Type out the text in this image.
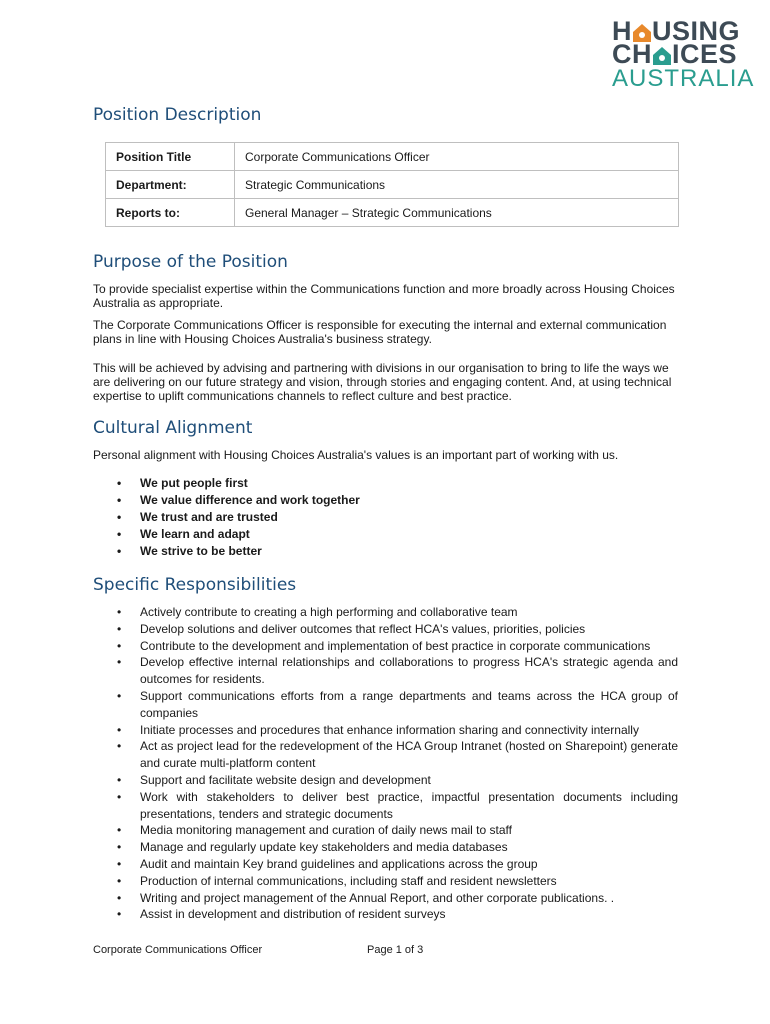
H USING
CH ICES
AUSTRALIA
Position Description
Position Title	Corporate Communications Officer
Department:	Strategic Communications
Reports to:	General Manager – Strategic Communications
Purpose of the Position

To provide specialist expertise within the Communications function and more broadly across Housing Choices Australia as appropriate.

The Corporate Communications Officer is responsible for executing the internal and external communication plans in line with Housing Choices Australia's business strategy.

This will be achieved by advising and partnering with divisions in our organisation to bring to life the ways we are delivering on our future strategy and vision, through stories and engaging content. And, at using technical expertise to uplift communications channels to reflect culture and best practice.

Cultural Alignment

Personal alignment with Housing Choices Australia's values is an important part of working with us.

• We put people first
• We value difference and work together
• We trust and are trusted
• We learn and adapt
• We strive to be better
Specific Responsibilities
• Actively contribute to creating a high performing and collaborative team
• Develop solutions and deliver outcomes that reflect HCA's values, priorities, policies
• Contribute to the development and implementation of best practice in corporate communications
• Develop effective internal relationships and collaborations to progress HCA's strategic agenda and outcomes for residents.
• Support communications efforts from a range departments and teams across the HCA group of companies
• Initiate processes and procedures that enhance information sharing and connectivity internally
• Act as project lead for the redevelopment of the HCA Group Intranet (hosted on Sharepoint) generate and curate multi-platform content
• Support and facilitate website design and development
• Work with stakeholders to deliver best practice, impactful presentation documents including presentations, tenders and strategic documents
• Media monitoring management and curation of daily news mail to staff
• Manage and regularly update key stakeholders and media databases
• Audit and maintain Key brand guidelines and applications across the group
• Production of internal communications, including staff and resident newsletters
• Writing and project management of the Annual Report, and other corporate publications. .
• Assist in development and distribution of resident surveys
Corporate Communications Officer	Page 1 of 3
